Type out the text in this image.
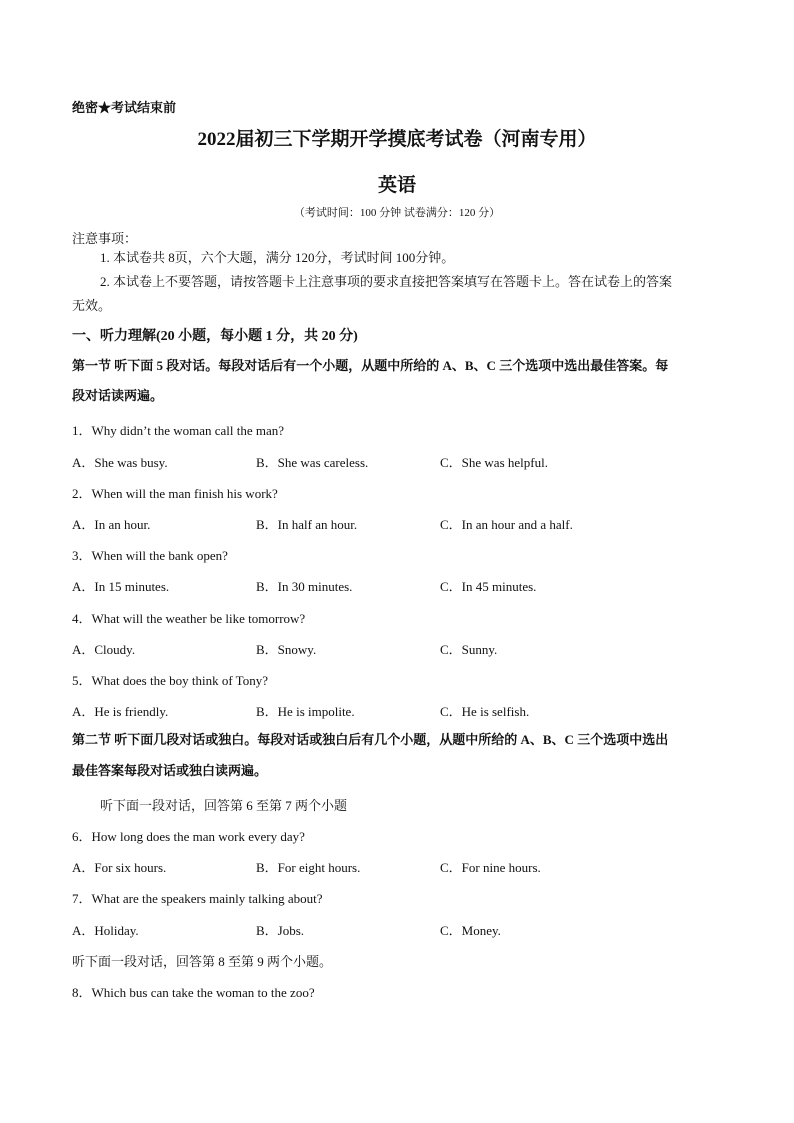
绝密★考试结束前
2022届初三下学期开学摸底考试卷（河南专用）
英语
（考试时间：100 分钟 试卷满分：120 分）
注意事项：
1. 本试卷共 8页，六个大题，满分 120分，考试时间 100分钟。
2. 本试卷上不要答题，请按答题卡上注意事项的要求直接把答案填写在答题卡上。答在试卷上的答案
无效。
一、听力理解(20 小题，每小题 1 分，共 20 分)
第一节 听下面 5 段对话。每段对话后有一个小题，从题中所给的 A、B、C 三个选项中选出最佳答案。每
段对话读两遍。
1．Why didn’t the woman call the man?
A．She was busy.	B．She was careless.	C．She was helpful.
2．When will the man finish his work?
A．In an hour.	B．In half an hour.	C．In an hour and a half.
3．When will the bank open?
A．In 15 minutes.	B．In 30 minutes.	C．In 45 minutes.
4．What will the weather be like tomorrow?
A．Cloudy.	B．Snowy.	C．Sunny.
5．What does the boy think of Tony?
A．He is friendly.	B．He is impolite.	C．He is selfish.
第二节 听下面几段对话或独白。每段对话或独白后有几个小题，从题中所给的 A、B、C 三个选项中选出
最佳答案每段对话或独白读两遍。
听下面一段对话，回答第 6 至第 7 两个小题
6．How long does the man work every day?
A．For six hours.	B．For eight hours.	C．For nine hours.
7．What are the speakers mainly talking about?
A．Holiday.	B．Jobs.	C．Money.
听下面一段对话，回答第 8 至第 9 两个小题。
8．Which bus can take the woman to the zoo?
